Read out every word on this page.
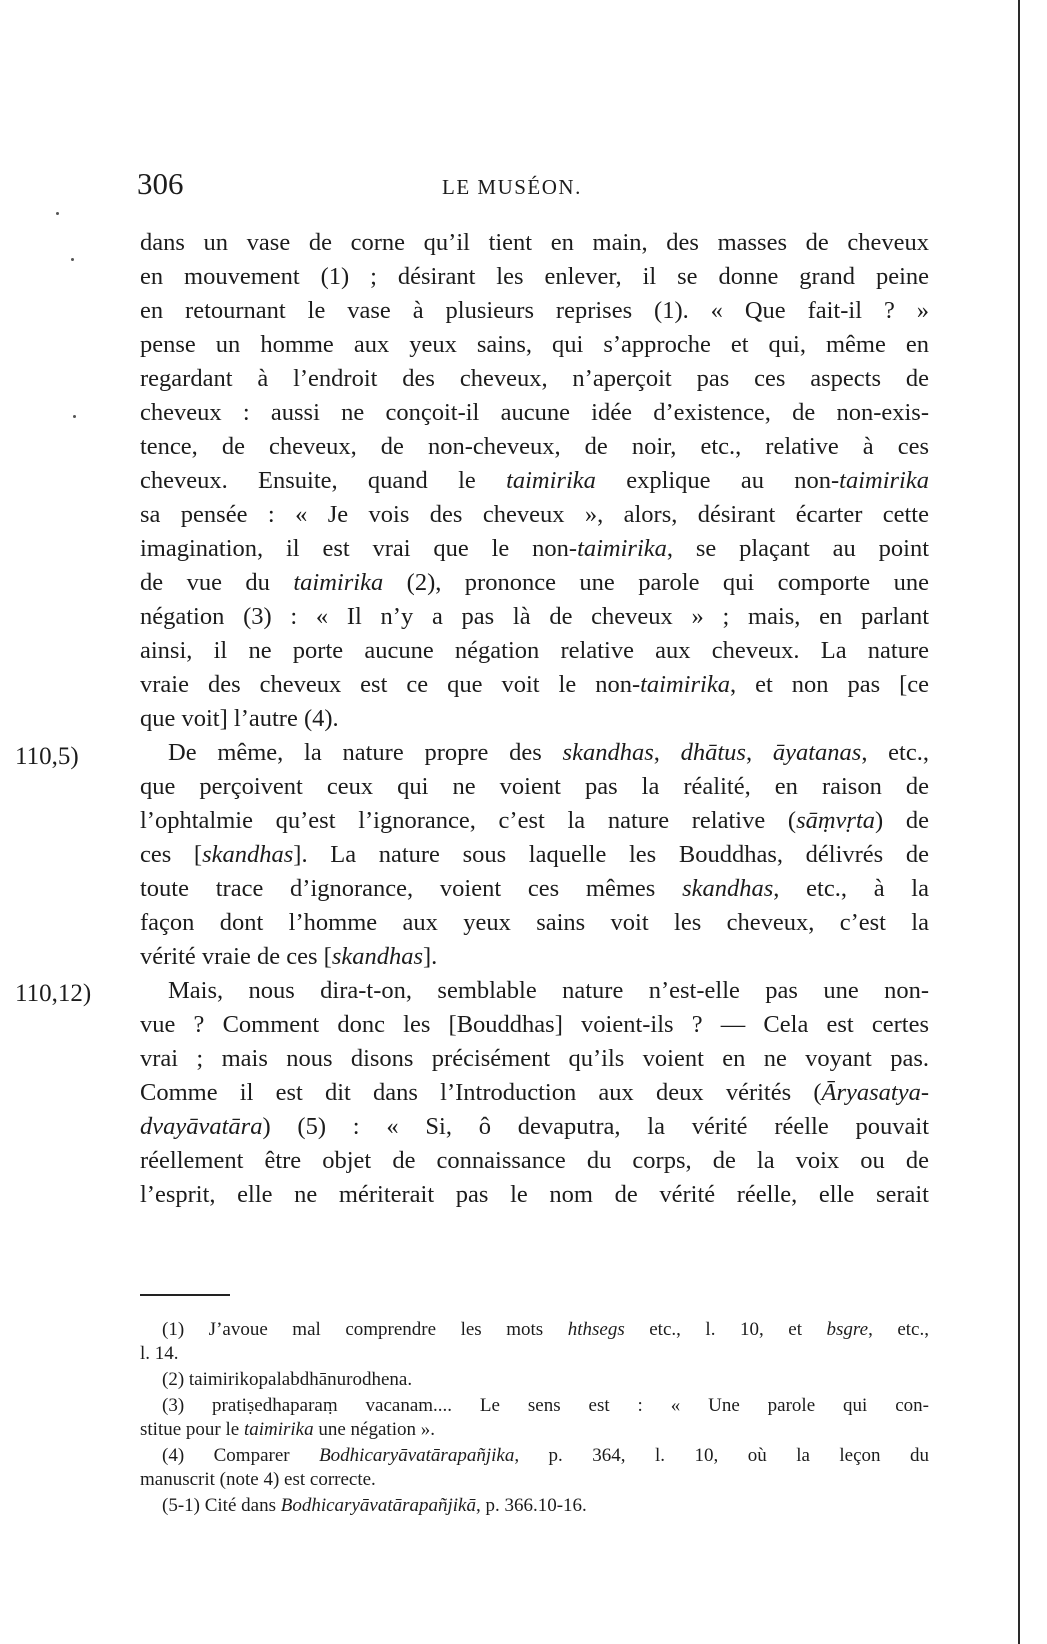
306	LE MUSÉON.
110,5)
110,12)
dans un vase de corne qu’il tient en main, des masses de cheveux
en mouvement (1) ; désirant les enlever, il se donne grand peine
en retournant le vase à plusieurs reprises (1). « Que fait-il ? »
pense un homme aux yeux sains, qui s’approche et qui, même en
regardant à l’endroit des cheveux, n’aperçoit pas ces aspects de
cheveux : aussi ne conçoit-il aucune idée d’existence, de non-exis-
tence, de cheveux, de non-cheveux, de noir, etc., relative à ces
cheveux. Ensuite, quand le taimirika explique au non-taimirika
sa pensée : « Je vois des cheveux », alors, désirant écarter cette
imagination, il est vrai que le non-taimirika, se plaçant au point
de vue du taimirika (2), prononce une parole qui comporte une
négation (3) : « Il n’y a pas là de cheveux » ; mais, en parlant
ainsi, il ne porte aucune négation relative aux cheveux. La nature
vraie des cheveux est ce que voit le non-taimirika, et non pas [ce
que voit] l’autre (4).
De même, la nature propre des skandhas, dhātus, āyatanas, etc.,
que perçoivent ceux qui ne voient pas la réalité, en raison de
l’ophtalmie qu’est l’ignorance, c’est la nature relative (sāṃvṛta) de
ces [skandhas]. La nature sous laquelle les Bouddhas, délivrés de
toute trace d’ignorance, voient ces mêmes skandhas, etc., à la
façon dont l’homme aux yeux sains voit les cheveux, c’est la
vérité vraie de ces [skandhas].
Mais, nous dira-t-on, semblable nature n’est-elle pas une non-
vue ? Comment donc les [Bouddhas] voient-ils ? — Cela est certes
vrai ; mais nous disons précisément qu’ils voient en ne voyant pas.
Comme il est dit dans l’Introduction aux deux vérités (Āryasatya-
dvayāvatāra) (5) : « Si, ô devaputra, la vérité réelle pouvait
réellement être objet de connaissance du corps, de la voix ou de
l’esprit, elle ne mériterait pas le nom de vérité réelle, elle serait
(1) J’avoue mal comprendre les mots hthsegs etc., l. 10, et bsgre, etc.,
l. 14.
(2) taimirikopalabdhānurodhena.
(3) pratiṣedhaparaṃ vacanam.... Le sens est : « Une parole qui con-
stitue pour le taimirika une négation ».
(4) Comparer Bodhicaryāvatārapañjika, p. 364, l. 10, où la leçon du
manuscrit (note 4) est correcte.
(5-1) Cité dans Bodhicaryāvatārapañjikā, p. 366.10-16.
